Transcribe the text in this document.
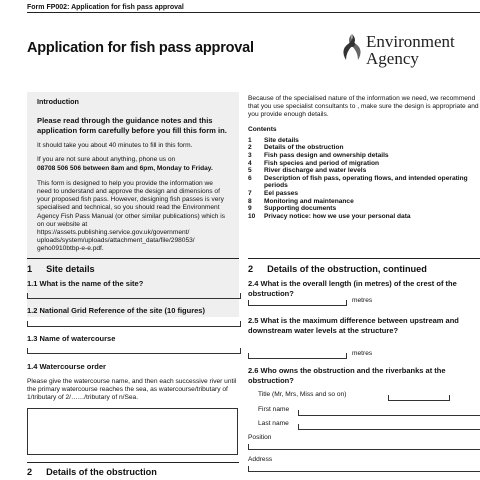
Form FP002: Application for fish pass approval
Application for fish pass approval	Environment
Agency

Introduction

Please read through the guidance notes and this application form carefully before you fill this form in.

It should take you about 40 minutes to fill in this form.

If you are not sure about anything, phone us on
08708 506 506 between 8am and 6pm, Monday to Friday.

This form is designed to help you provide the information we need to understand and approve the design and dimensions of your proposed fish pass. However, designing fish passes is very specialised and technical, so you should read the Environment Agency Fish Pass Manual (or other similar publications) which is on our website at https://assets.publishing.service.gov.uk/government/ uploads/system/uploads/attachment_data/file/298053/ geho0910btbp-e-e.pdf.

Because of the specialised nature of the information we need, we recommend that you use specialist consultants to , make sure the design is appropriate and you provide enough details.
Contents
1	Site details
2	Details of the obstruction
3	Fish pass design and ownership details
4	Fish species and period of migration
5	River discharge and water levels
6	Description of fish pass, operating flows, and intended operating periods
7	Eel passes
8	Monitoring and maintenance
9	Supporting documents
10	Privacy notice: how we use your personal data
1 Site details
1.1 What is the name of the site?
1.2 National Grid Reference of the site (10 figures)
1.3 Name of watercourse
1.4 Watercourse order
Please give the watercourse name, and then each successive river until the primary watercourse reaches the sea, as watercourse/tributary of 1/tributary of 2/……/tributary of n/Sea.
2 Details of the obstruction
2 Details of the obstruction, continued
2.4 What is the overall length (in metres) of the crest of the obstruction?
metres
2.5 What is the maximum difference between upstream and downstream water levels at the structure?
metres
2.6 Who owns the obstruction and the riverbanks at the obstruction?
Title (Mr, Mrs, Miss and so on)
First name
Last name
Position
Address
